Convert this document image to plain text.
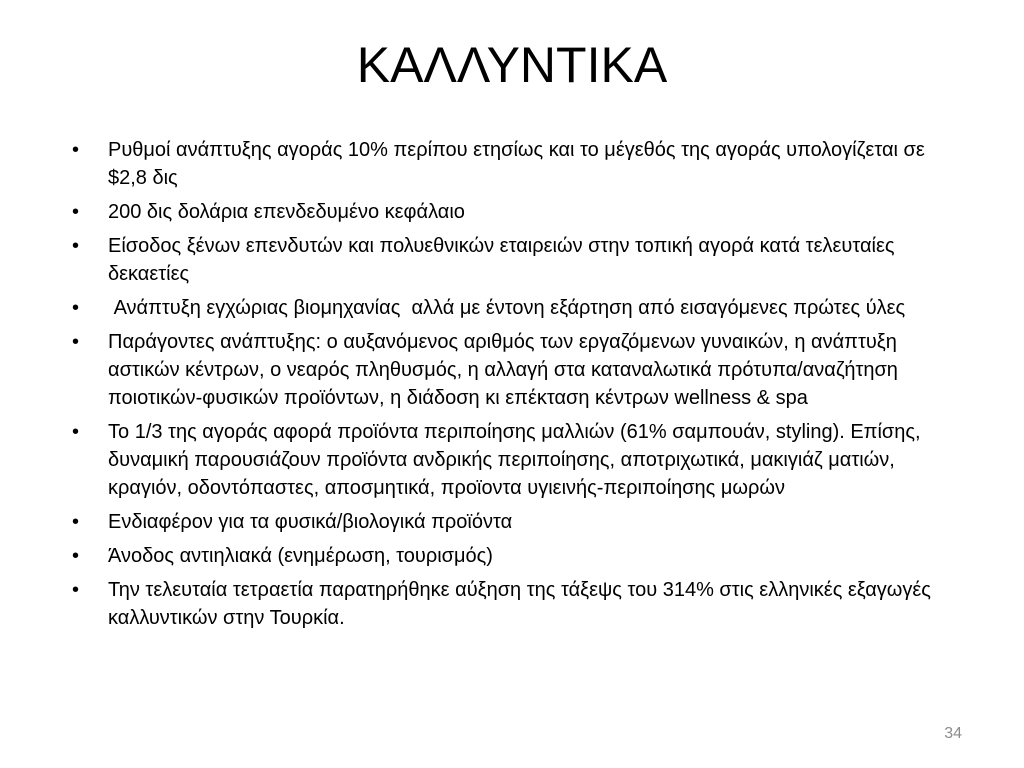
ΚΑΛΛΥΝΤΙΚΑ
• Ρυθμοί ανάπτυξης αγοράς 10% περίπου ετησίως και το μέγεθός της αγοράς υπολογίζεται σε $2,8 δις
• 200 δις δολάρια επενδεδυμένο κεφάλαιο
• Είσοδος ξένων επενδυτών και πολυεθνικών εταιρειών στην τοπική αγορά κατά τελευταίες δεκαετίες
• Ανάπτυξη εγχώριας βιομηχανίας  αλλά με έντονη εξάρτηση από εισαγόμενες πρώτες ύλες
• Παράγοντες ανάπτυξης: ο αυξανόμενος αριθμός των εργαζόμενων γυναικών, η ανάπτυξη αστικών κέντρων, ο νεαρός πληθυσμός, η αλλαγή στα καταναλωτικά πρότυπα/αναζήτηση ποιοτικών-φυσικών προϊόντων, η διάδοση κι επέκταση κέντρων wellness & spa
• Το 1/3 της αγοράς αφορά προϊόντα περιποίησης μαλλιών (61% σαμπουάν, styling). Επίσης, δυναμική παρουσιάζουν προϊόντα ανδρικής περιποίησης, αποτριχωτικά, μακιγιάζ ματιών, κραγιόν, οδοντόπαστες, αποσμητικά, προϊοντα υγιεινής-περιποίησης μωρών
• Ενδιαφέρον για τα φυσικά/βιολογικά προϊόντα
• Άνοδος αντιηλιακά (ενημέρωση, τουρισμός)
• Την τελευταία τετραετία παρατηρήθηκε αύξηση της τάξεψς του 314% στις ελληνικές εξαγωγές καλλυντικών στην Τουρκία.
34
